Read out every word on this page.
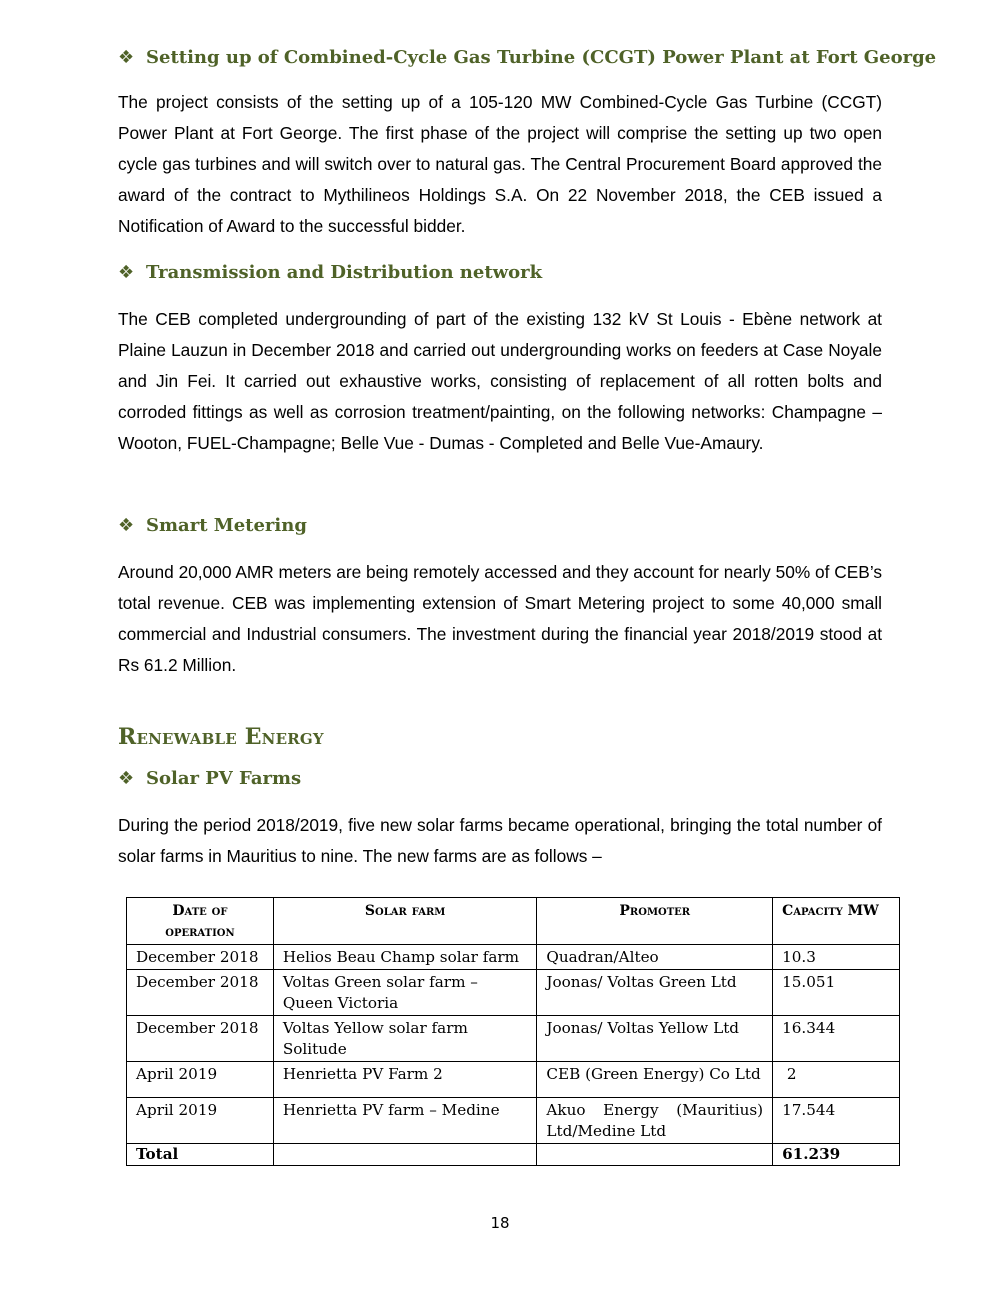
❖ Setting up of Combined-Cycle Gas Turbine (CCGT) Power Plant at Fort George

The project consists of the setting up of a 105-120 MW Combined-Cycle Gas Turbine (CCGT) Power Plant at Fort George. The first phase of the project will comprise the setting up two open cycle gas turbines and will switch over to natural gas. The Central Procurement Board approved the award of the contract to Mythilineos Holdings S.A. On 22 November 2018, the CEB issued a Notification of Award to the successful bidder.

❖ Transmission and Distribution network

The CEB completed undergrounding of part of the existing 132 kV St Louis - Ebène network at Plaine Lauzun in December 2018 and carried out undergrounding works on feeders at Case Noyale and Jin Fei. It carried out exhaustive works, consisting of replacement of all rotten bolts and corroded fittings as well as corrosion treatment/painting, on the following networks: Champagne – Wooton, FUEL-Champagne; Belle Vue - Dumas - Completed and Belle Vue-Amaury.

❖ Smart Metering

Around 20,000 AMR meters are being remotely accessed and they account for nearly 50% of CEB’s total revenue. CEB was implementing extension of Smart Metering project to some 40,000 small commercial and Industrial consumers. The investment during the financial year 2018/2019 stood at Rs 61.2 Million.

Renewable Energy
❖ Solar PV Farms

During the period 2018/2019, five new solar farms became operational, bringing the total number of solar farms in Mauritius to nine. The new farms are as follows –

Date of operation	Solar farm	Promoter	Capacity MW
December 2018	Helios Beau Champ solar farm	Quadran/Alteo	10.3
December 2018	Voltas Green solar farm – Queen Victoria	Joonas/ Voltas Green Ltd	15.051
December 2018	Voltas Yellow solar farm Solitude	Joonas/ Voltas Yellow Ltd	16.344
April 2019	Henrietta PV Farm 2	CEB (Green Energy) Co Ltd	2
April 2019	Henrietta PV farm – Medine	Akuo Energy (Mauritius) Ltd/Medine Ltd	17.544
Total			61.239
18
